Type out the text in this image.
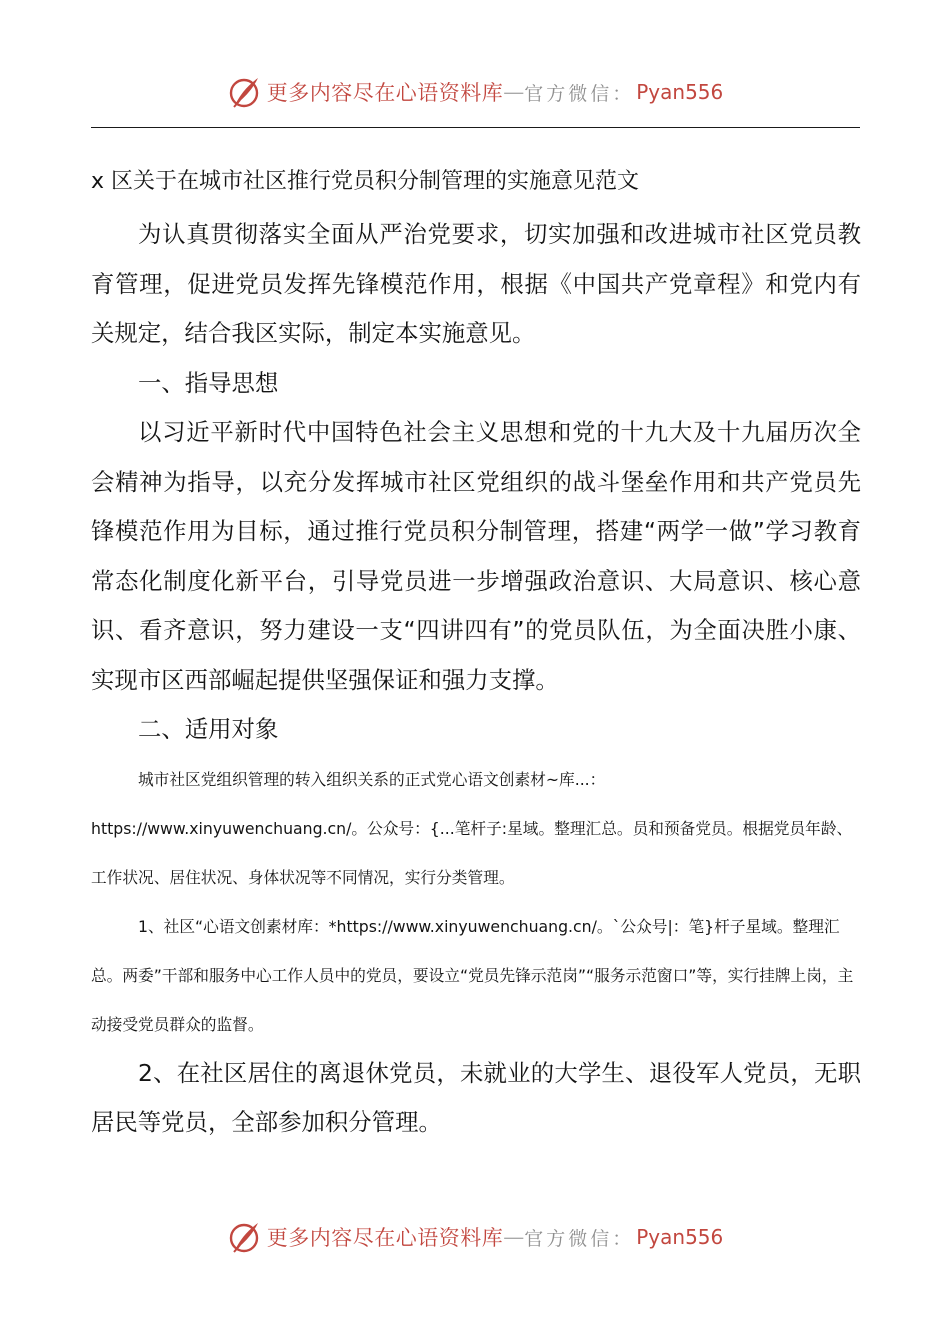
更多内容尽在心语资料库 — 官方微信： Pyan556

x 区关于在城市社区推行党员积分制管理的实施意见范文

为认真贯彻落实全面从严治党要求，切实加强和改进城市社区党员教育管理，促进党员发挥先锋模范作用，根据《中国共产党章程》和党内有关规定，结合我区实际，制定本实施意见。

一、指导思想

以习近平新时代中国特色社会主义思想和党的十九大及十九届历次全会精神为指导，以充分发挥城市社区党组织的战斗堡垒作用和共产党员先锋模范作用为目标，通过推行党员积分制管理，搭建“两学一做”学习教育常态化制度化新平台，引导党员进一步增强政治意识、大局意识、核心意识、看齐意识，努力建设一支“四讲四有”的党员队伍，为全面决胜小康、实现市区西部崛起提供坚强保证和强力支撑。

二、适用对象

城市社区党组织管理的转入组织关系的正式党心语文创素材~库...：https://www.xinyuwenchuang.cn/。公众号：{...笔杆子:星域。整理汇总。员和预备党员。根据党员年龄、工作状况、居住状况、身体状况等不同情况，实行分类管理。

1、社区“心语文创素材库：*https://www.xinyuwenchuang.cn/。`公众号|：笔}杆子星域。整理汇总。两委”干部和服务中心工作人员中的党员，要设立“党员先锋示范岗”“服务示范窗口”等，实行挂牌上岗，主动接受党员群众的监督。

2、在社区居住的离退休党员，未就业的大学生、退役军人党员，无职居民等党员，全部参加积分管理。

更多内容尽在心语资料库 — 官方微信： Pyan556
